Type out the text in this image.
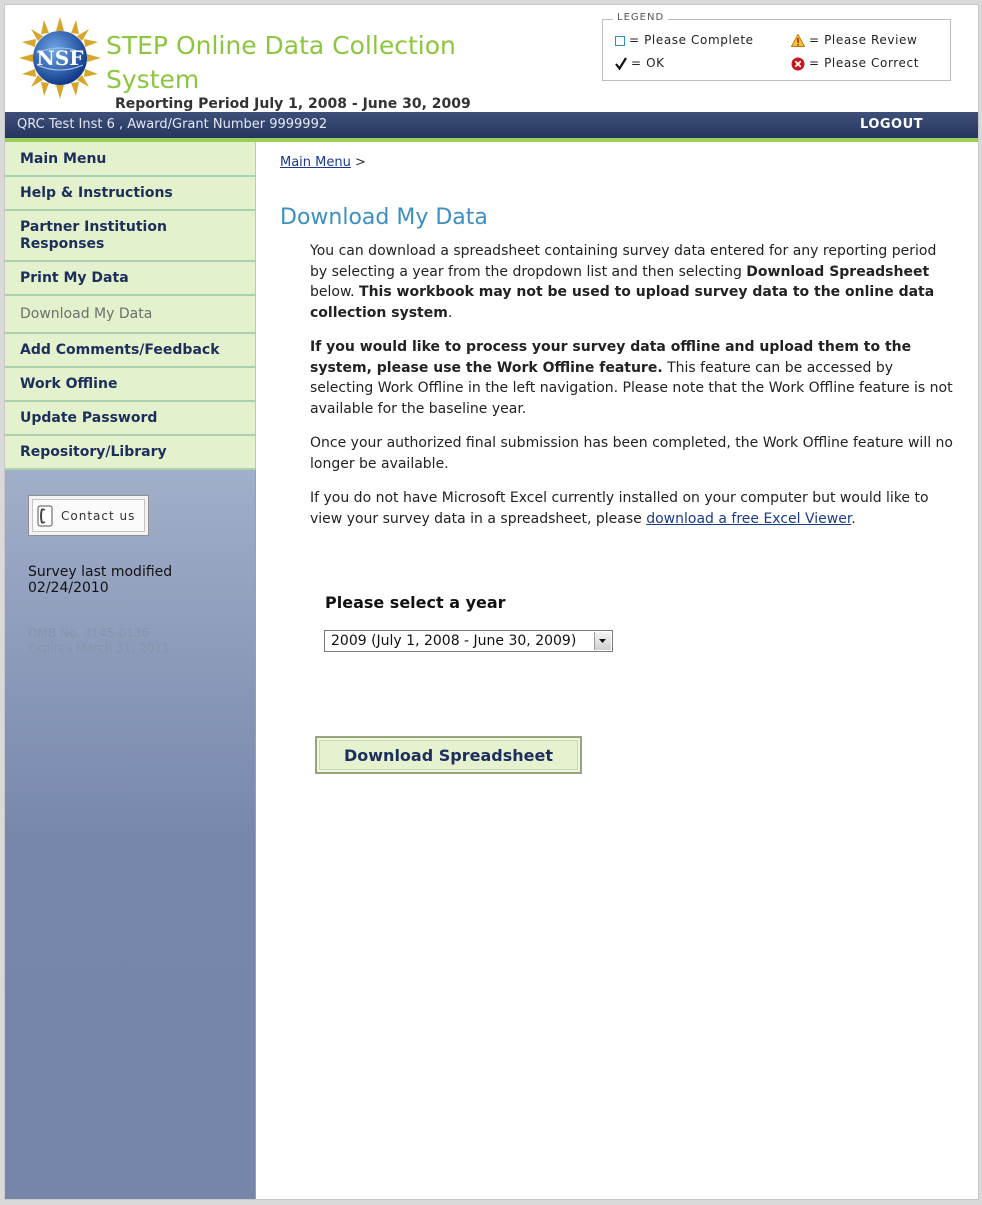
NSF STEP Online Data Collection System
Reporting Period July 1, 2008 - June 30, 2009
LEGEND
= Please Complete	= Please Review
= OK	= Please Correct
QRC Test Inst 6 , Award/Grant Number 9999992	LOGOUT
Main Menu
Help & Instructions
Partner Institution Responses
Print My Data
Download My Data
Add Comments/Feedback
Work Offline
Update Password
Repository/Library
Contact us
Survey last modified
02/24/2010
OMB No. 3145-0136
Expires March 31, 2011
Main Menu >
Download My Data

You can download a spreadsheet containing survey data entered for any reporting period by selecting a year from the dropdown list and then selecting Download Spreadsheet below. This workbook may not be used to upload survey data to the online data collection system.

If you would like to process your survey data offline and upload them to the system, please use the Work Offline feature. This feature can be accessed by selecting Work Offline in the left navigation. Please note that the Work Offline feature is not available for the baseline year.

Once your authorized final submission has been completed, the Work Offline feature will no longer be available.

If you do not have Microsoft Excel currently installed on your computer but would like to view your survey data in a spreadsheet, please download a free Excel Viewer.

Please select a year
2009 (July 1, 2008 - June 30, 2009)
Download Spreadsheet
